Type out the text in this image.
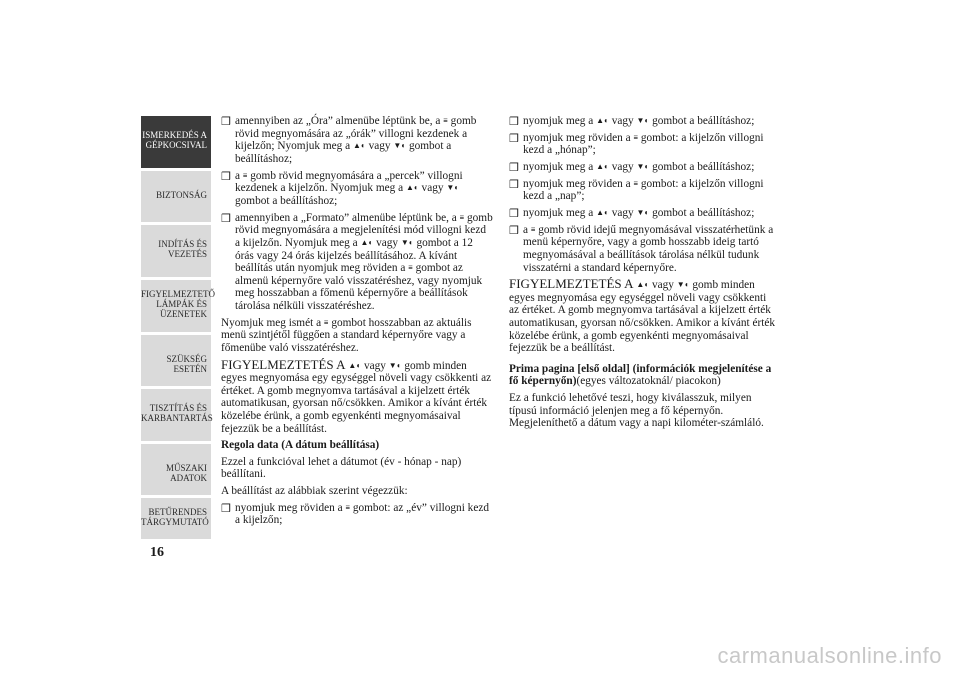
ISMERKEDÉS A GÉPKOCSIVAL
BIZTONSÁG
INDÍTÁS ÉS VEZETÉS
FIGYELMEZTETŐ LÁMPÁK ÉS ÜZENETEK
SZÜKSÉG ESETÉN
TISZTÍTÁS ÉS KARBANTARTÁS
MŰSZAKI ADATOK
BETŰRENDES TÁRGYMUTATÓ
16

❒ amennyiben az „Óra” almenübe léptünk be, a ≡ gomb rövid megnyomására az „órák” villogni kezdenek a kijelzőn; Nyomjuk meg a ▲◐ vagy ▼◐ gombot a beállításhoz;

❒ a ≡ gomb rövid megnyomására a „percek” villogni kezdenek a kijelzőn. Nyomjuk meg a ▲◐ vagy ▼◐ gombot a beállításhoz;

❒ amennyiben a „Formato” almenübe léptünk be, a ≡ gomb rövid megnyomására a megjelenítési mód villogni kezd a kijelzőn. Nyomjuk meg a ▲◐ vagy ▼◐ gombot a 12 órás vagy 24 órás kijelzés beállításához. A kívánt beállítás után nyomjuk meg röviden a ≡ gombot az almenü képernyőre való visszatéréshez, vagy nyomjuk meg hosszabban a főmenü képernyőre a beállítások tárolása nélküli visszatéréshez.

Nyomjuk meg ismét a ≡ gombot hosszabban az aktuális menü szintjétől függően a standard képernyőre vagy a főmenübe való visszatéréshez.

FIGYELMEZTETÉS A ▲◐ vagy ▼◐ gomb minden egyes megnyomása egy egységgel növeli vagy csökkenti az értéket. A gomb megnyomva tartásával a kijelzett érték automatikusan, gyorsan nő/csökken. Amikor a kívánt érték közelébe érünk, a gomb egyenkénti megnyomásaival fejezzük be a beállítást.

Regola data (A dátum beállítása)

Ezzel a funkcióval lehet a dátumot (év - hónap - nap) beállítani.

A beállítást az alábbiak szerint végezzük:

❒ nyomjuk meg röviden a ≡ gombot: az „év” villogni kezd a kijelzőn;

❒ nyomjuk meg a ▲◐ vagy ▼◐ gombot a beállításhoz;

❒ nyomjuk meg röviden a ≡ gombot: a kijelzőn villogni kezd a „hónap”;

❒ nyomjuk meg a ▲◐ vagy ▼◐ gombot a beállításhoz;

❒ nyomjuk meg röviden a ≡ gombot: a kijelzőn villogni kezd a „nap”;

❒ nyomjuk meg a ▲◐ vagy ▼◐ gombot a beállításhoz;

❒ a ≡ gomb rövid idejű megnyomásával visszatérhetünk a menü képernyőre, vagy a gomb hosszabb ideig tartó megnyomásával a beállítások tárolása nélkül tudunk visszatérni a standard képernyőre.

FIGYELMEZTETÉS A ▲◐ vagy ▼◐ gomb minden egyes megnyomása egy egységgel növeli vagy csökkenti az értéket. A gomb megnyomva tartásával a kijelzett érték automatikusan, gyorsan nő/csökken. Amikor a kívánt érték közelébe érünk, a gomb egyenkénti megnyomásaival fejezzük be a beállítást.

Prima pagina [első oldal] (információk megjelenítése a fő képernyőn)(egyes változatoknál/ piacokon)

Ez a funkció lehetővé teszi, hogy kiválasszuk, milyen típusú információ jelenjen meg a fő képernyőn. Megjeleníthető a dátum vagy a napi kilométer-számláló.

carmanualsonline.info
